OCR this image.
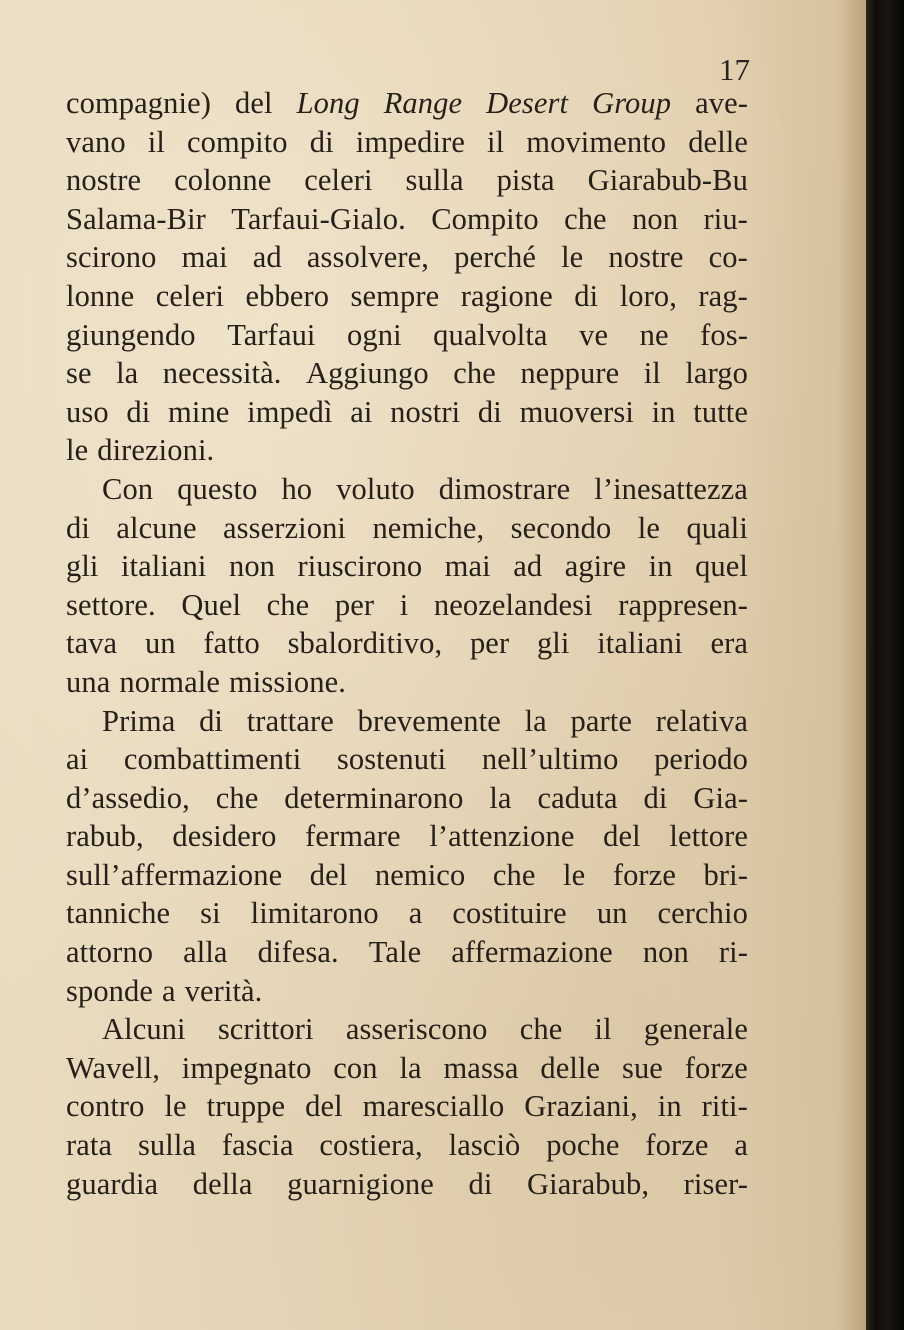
17
compagnie) del Long Range Desert Group ave-
vano il compito di impedire il movimento delle
nostre colonne celeri sulla pista Giarabub-Bu
Salama-Bir Tarfaui-Gialo. Compito che non riu-
scirono mai ad assolvere, perché le nostre co-
lonne celeri ebbero sempre ragione di loro, rag-
giungendo Tarfaui ogni qualvolta ve ne fos-
se la necessità. Aggiungo che neppure il largo
uso di mine impedì ai nostri di muoversi in tutte
le direzioni.
Con questo ho voluto dimostrare l’inesattezza
di alcune asserzioni nemiche, secondo le quali
gli italiani non riuscirono mai ad agire in quel
settore. Quel che per i neozelandesi rappresen-
tava un fatto sbalorditivo, per gli italiani era
una normale missione.
Prima di trattare brevemente la parte relativa
ai combattimenti sostenuti nell’ultimo periodo
d’assedio, che determinarono la caduta di Gia-
rabub, desidero fermare l’attenzione del lettore
sull’affermazione del nemico che le forze bri-
tanniche si limitarono a costituire un cerchio
attorno alla difesa. Tale affermazione non ri-
sponde a verità.
Alcuni scrittori asseriscono che il generale
Wavell, impegnato con la massa delle sue forze
contro le truppe del maresciallo Graziani, in riti-
rata sulla fascia costiera, lasciò poche forze a
guardia della guarnigione di Giarabub, riser-
